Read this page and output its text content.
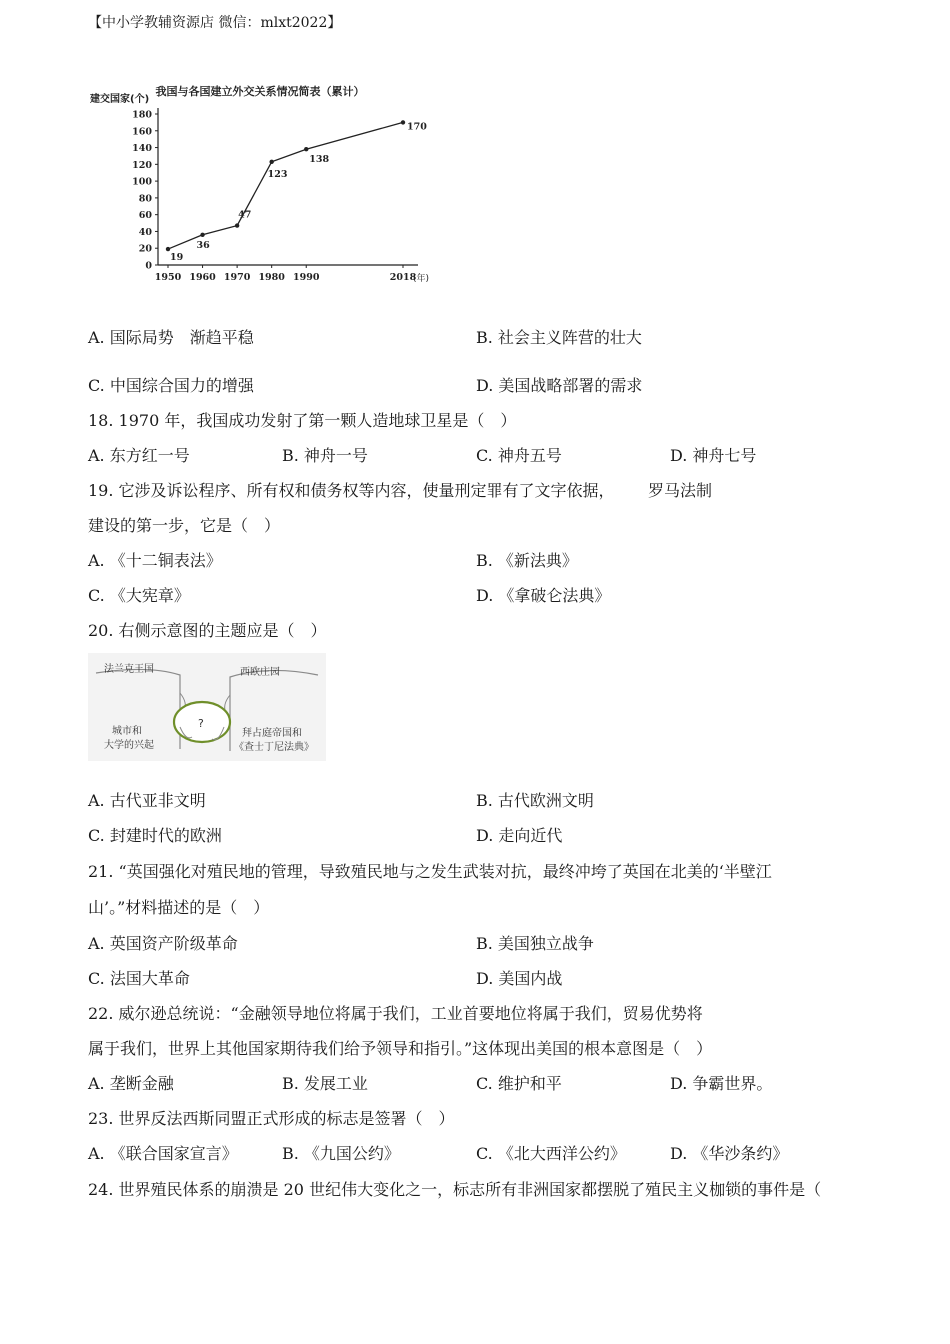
【中小学教辅资源店 微信：mlxt2022】
我国与各国建立外交关系情况简表（累计）
建交国家(个)
0
20
40
60
80
100
120
140
160
180
1950 1960 1970 1980 1990	2018
19
36
47
123
138
170
(年)
A. 国际局势　渐趋平稳	B. 社会主义阵营的壮大
C. 中国综合国力的增强	D. 美国战略部署的需求
18. 1970 年，我国成功发射了第一颗人造地球卫星是（　）
A. 东方红一号	B. 神舟一号	C. 神舟五号	D. 神舟七号
19. 它涉及诉讼程序、所有权和债务权等内容，使量刑定罪有了文字依据， 罗马法制
建设的第一步，它是（　）
A. 《十二铜表法》	B. 《新法典》
C. 《大宪章》	D. 《拿破仑法典》
20. 右侧示意图的主题应是（　）
法兰克王国	西欧庄园
?
城市和
大学的兴起
拜占庭帝国和
《查士丁尼法典》
A. 古代亚非文明	B. 古代欧洲文明
C. 封建时代的欧洲	D. 走向近代
21. “英国强化对殖民地的管理，导致殖民地与之发生武装对抗，最终冲垮了英国在北美的‘半壁江
山’。”材料描述的是（　）
A. 英国资产阶级革命	B. 美国独立战争
C. 法国大革命	D. 美国内战
22. 威尔逊总统说：“金融领导地位将属于我们，工业首要地位将属于我们，贸易优势将
属于我们，世界上其他国家期待我们给予领导和指引。”这体现出美国的根本意图是（　）
A. 垄断金融	B. 发展工业	C. 维护和平	D. 争霸世界。
23. 世界反法西斯同盟正式形成的标志是签署（　）
A. 《联合国家宣言》	B. 《九国公约》	C. 《北大西洋公约》	D. 《华沙条约》
24. 世界殖民体系的崩溃是 20 世纪伟大变化之一，标志所有非洲国家都摆脱了殖民主义枷锁的事件是（
